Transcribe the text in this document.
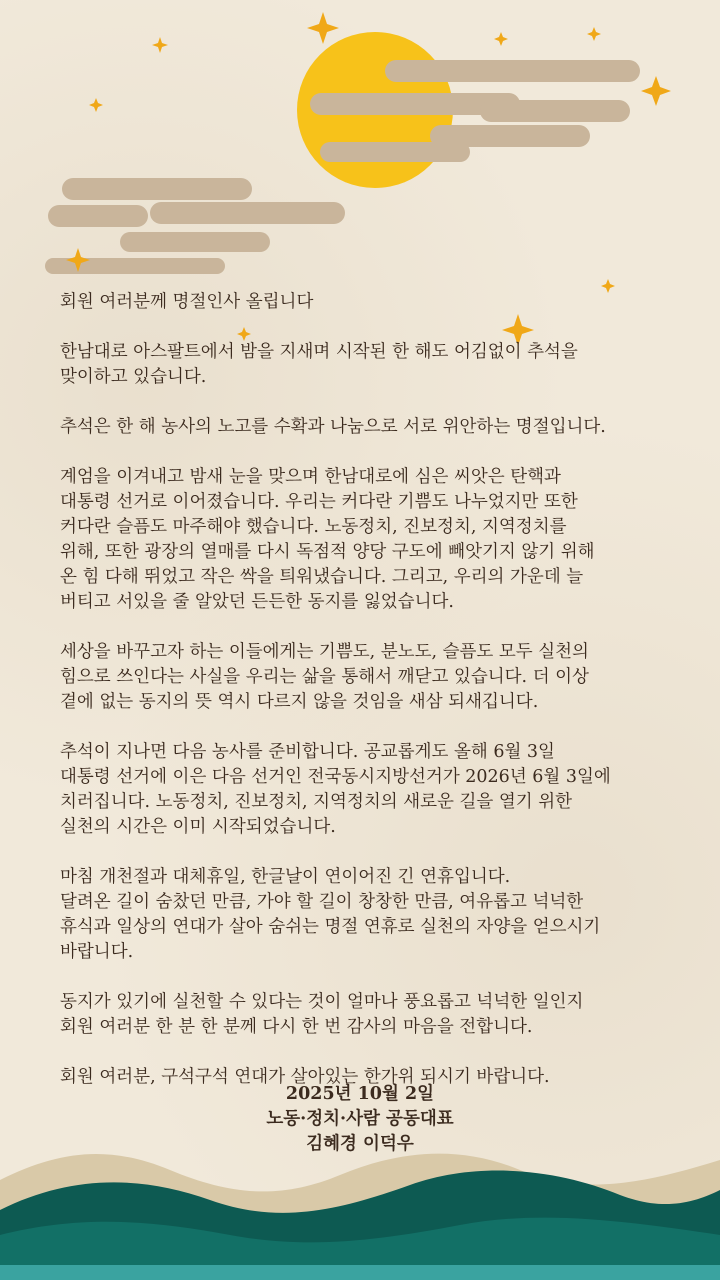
회원 여러분께 명절인사 올립니다

한남대로 아스팔트에서 밤을 지새며 시작된 한 해도 어김없이 추석을
맞이하고 있습니다.

추석은 한 해 농사의 노고를 수확과 나눔으로 서로 위안하는 명절입니다.

계엄을 이겨내고 밤새 눈을 맞으며 한남대로에 심은 씨앗은 탄핵과
대통령 선거로 이어졌습니다. 우리는 커다란 기쁨도 나누었지만 또한
커다란 슬픔도 마주해야 했습니다. 노동정치, 진보정치, 지역정치를
위해, 또한 광장의 열매를 다시 독점적 양당 구도에 빼앗기지 않기 위해
온 힘 다해 뛰었고 작은 싹을 틔워냈습니다. 그리고, 우리의 가운데 늘
버티고 서있을 줄 알았던 든든한 동지를 잃었습니다.

세상을 바꾸고자 하는 이들에게는 기쁨도, 분노도, 슬픔도 모두 실천의
힘으로 쓰인다는 사실을 우리는 삶을 통해서 깨닫고 있습니다. 더 이상
곁에 없는 동지의 뜻 역시 다르지 않을 것임을 새삼 되새깁니다.

추석이 지나면 다음 농사를 준비합니다. 공교롭게도 올해 6월 3일
대통령 선거에 이은 다음 선거인 전국동시지방선거가 2026년 6월 3일에
치러집니다. 노동정치, 진보정치, 지역정치의 새로운 길을 열기 위한
실천의 시간은 이미 시작되었습니다.

마침 개천절과 대체휴일, 한글날이 연이어진 긴 연휴입니다.
달려온 길이 숨찼던 만큼, 가야 할 길이 창창한 만큼, 여유롭고 넉넉한
휴식과 일상의 연대가 살아 숨쉬는 명절 연휴로 실천의 자양을 얻으시기
바랍니다.

동지가 있기에 실천할 수 있다는 것이 얼마나 풍요롭고 넉넉한 일인지
회원 여러분 한 분 한 분께 다시 한 번 감사의 마음을 전합니다.

회원 여러분, 구석구석 연대가 살아있는 한가위 되시기 바랍니다.

2025년 10월 2일
노동·정치·사람 공동대표
김혜경 이덕우
